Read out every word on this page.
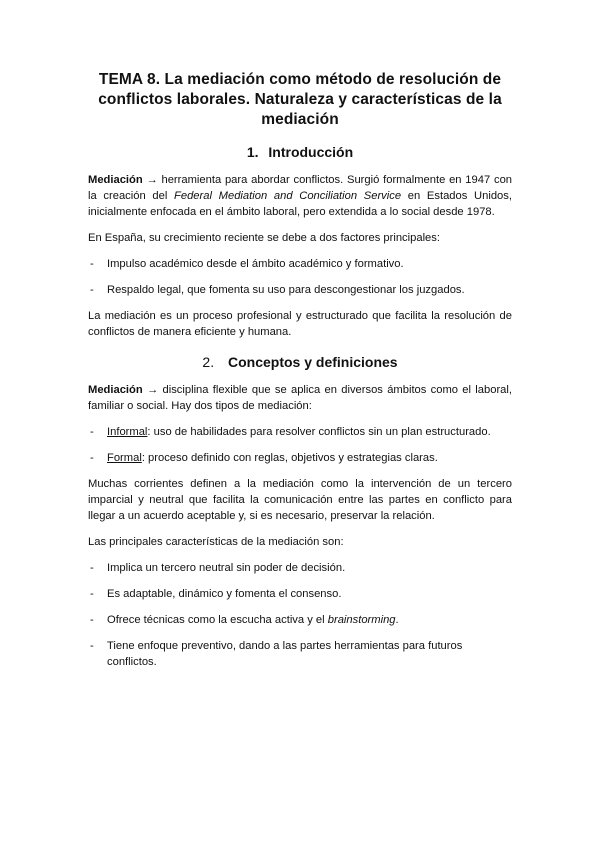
TEMA 8. La mediación como método de resolución de conflictos laborales. Naturaleza y características de la mediación
1. Introducción

Mediación → herramienta para abordar conflictos. Surgió formalmente en 1947 con la creación del Federal Mediation and Conciliation Service en Estados Unidos, inicialmente enfocada en el ámbito laboral, pero extendida a lo social desde 1978.

En España, su crecimiento reciente se debe a dos factores principales:

- Impulso académico desde el ámbito académico y formativo.
- Respaldo legal, que fomenta su uso para descongestionar los juzgados.

La mediación es un proceso profesional y estructurado que facilita la resolución de conflictos de manera eficiente y humana.

2. Conceptos y definiciones

Mediación → disciplina flexible que se aplica en diversos ámbitos como el laboral, familiar o social. Hay dos tipos de mediación:

- Informal: uso de habilidades para resolver conflictos sin un plan estructurado.
- Formal: proceso definido con reglas, objetivos y estrategias claras.

Muchas corrientes definen a la mediación como la intervención de un tercero imparcial y neutral que facilita la comunicación entre las partes en conflicto para llegar a un acuerdo aceptable y, si es necesario, preservar la relación.

Las principales características de la mediación son:

- Implica un tercero neutral sin poder de decisión.
- Es adaptable, dinámico y fomenta el consenso.
- Ofrece técnicas como la escucha activa y el brainstorming.
- Tiene enfoque preventivo, dando a las partes herramientas para futuros conflictos.
